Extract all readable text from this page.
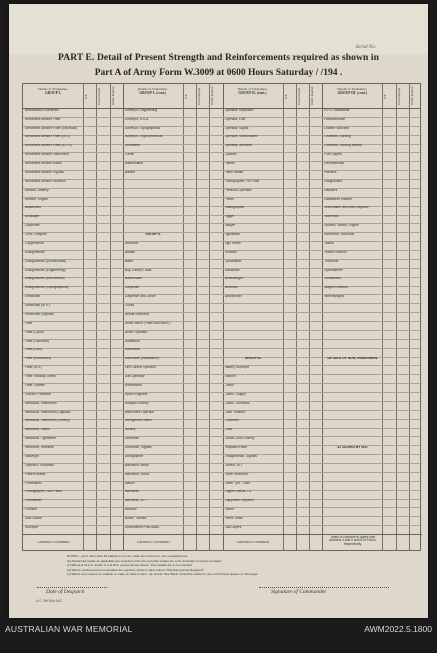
Serial No.
PART E. Detail of Present Strength and Reinforcements required as shown in
Part A of Army Form W.3009 at 0600 Hours Saturday / /194 .
Details of Tradesmen.
GROUP I.
W.E.	Present Strength	Reinfts. Required
Ammunition Examiners
Armament Artificer Fitter
Armament Artificer Fitter (Electrical)
Armament Artificer Fitter (M.V.)
Armament Artificer Fitter (A.F.V.)
Armament Artificer Instrument
Armament Artificer Radio
Armament Artificer Signals
Armament Artificer Wireless
Artificer, Artillery
Artificer, Engine
Blacksmith
Bricklayer
Carpenter
Clerk, Hospital
Coppersmith
Draughtsman
Draughtsman (Architectural)
Draughtsman (Engineering)
Draughtsman (Mechanical)
Draughtsman (Topographical)
Electrician
Electrician (M.V.)
Electrician (Signals)
Fitter
Fitter (Cycle)
Fitter (Electrical)
Fitter (Gun)
Fitter (Instrument)
Fitter (M.V.)
Fitter, Railway Diesel
Fitter, System
Grinder, Precision
Mechanic, Instrument
Mechanic, Instrument (Signals)
Mechanic, Instrument (Survey)
Mechanic, Radio
Mechanic, Typewriter
Mechanic, Wireless
Millwright
Operator, Excavator
Pattern Maker
Pharmacist
Photographer, Gun Flash
Photowriter
Plumber
Saw Doctor
Surveyor
Details of Tradesmen.
GROUP I. (cont.)
W.E.	Present Strength	Reinfts. Required
Surveyor, Engineering
Surveyor, R.S.A.
Surveyor, Topographical
Surveyor, Trigonometrical
Toolmaker
Turner
Watchmaker
Welder
GROUP II.
Armourer
Artisan
Baker
Boy, Camp'n, Asst.
Boilermaker
Carpenter
Carpenter and Joiner
Cooks
Dental Mechanic
Driver-Mech. (Plant and Mech.)
Driver Operator
Draftsman
Electrician
Electrician (Installation)
Fire Control Operator
Gas Operator
Hairdresser
Hydro Engineer
Hospital Orderly
Instrument Operator
Intelligence Duties
Joinery
Linesman
Linesman, Signals
Lithographer
Machinist, Metal
Machinist, Wood
Mason
Mechanic
Mechanic, M.T.
Moulder
Nurse, Trained
Observation Post Assis.
Details of Tradesmen.
GROUP II. (cont.)
W.E.	Present Strength	Reinfts. Required
Operator, Keyboard
Operator, Line
Operator, Signal
Operator, Switchboard
Operator, Wireless
Optician
Painter
Panel Beater
Photographer, Pin Plate
Predictor Operator
Printer
Radiographer
Rigger
Sawyer
Signalman
Sign Writer
Tinsmith
Upholsterer
Vulcaniser
Wheelwright
Wireman
Woodturner
GROUP III.
Battery Surveyor
Butcher
Clerks
Clerks, Supply
Clerks, Technical
Clerk Trimmer
Concreter
Cook
Dental Clerk Orderly
Despatch Rider
Draughtsman, Signals
Drivers, M.T.
Driver Mechanic
Driver Tptr., Plant
Engine Hands, I.C.
Equipment Repairer
Farrier
Fitters' Mate
Gas Layers
Details of Tradesmen.
GROUP III. (cont.)
W.E.	Present Strength	Reinfts. Required
K.P.O. Assistants
Housewrecker
Leather Stitchers
Orderlies, Nursing
Orderlies, Nursing Mental
Pole Layers
Receptionists
Riveters
Roughriders
Saddlers
Saddletree makers
Shoemaker and Boot Repairer
Storeman
Stokers, Steam, Engine
Storeman, Technical
Tailors
Textile Refiners
Tinsmiths
Upholsterers
Vulcanisers
Wagon Erectors
Wheelwrights
DETAILS OF NON-TRADESMEN.
ATTACHED BY W.E.
CARRIED FORWARD	CARRIED FORWARD	CARRIED FORWARD
Totals of columns to agree with columns 4 and 5 and 6 of Part A. respectively.
NOTES.—(a) If more than 26 tradesmen of one trade are in the unit, use a separate line.
(b) Authorised trades as applicable are included in the list and other trades are to be included in column provided.
(c) Where A.W.A.S. and/or A.A.N.W.S. personnel are shown, their details are to be included.
(d) Where reinforcement not detailed are required, show in each column "Reinforcements Required".
(e) Where any request or notation is made on back of form, the words "See Back" should be written in one of the blank spaces on this page.
Date of Despatch	Signature of Commander
A.C. 9th Edn 5/42
AUSTRALIAN WAR MEMORIAL	AWM2022.5.1800
